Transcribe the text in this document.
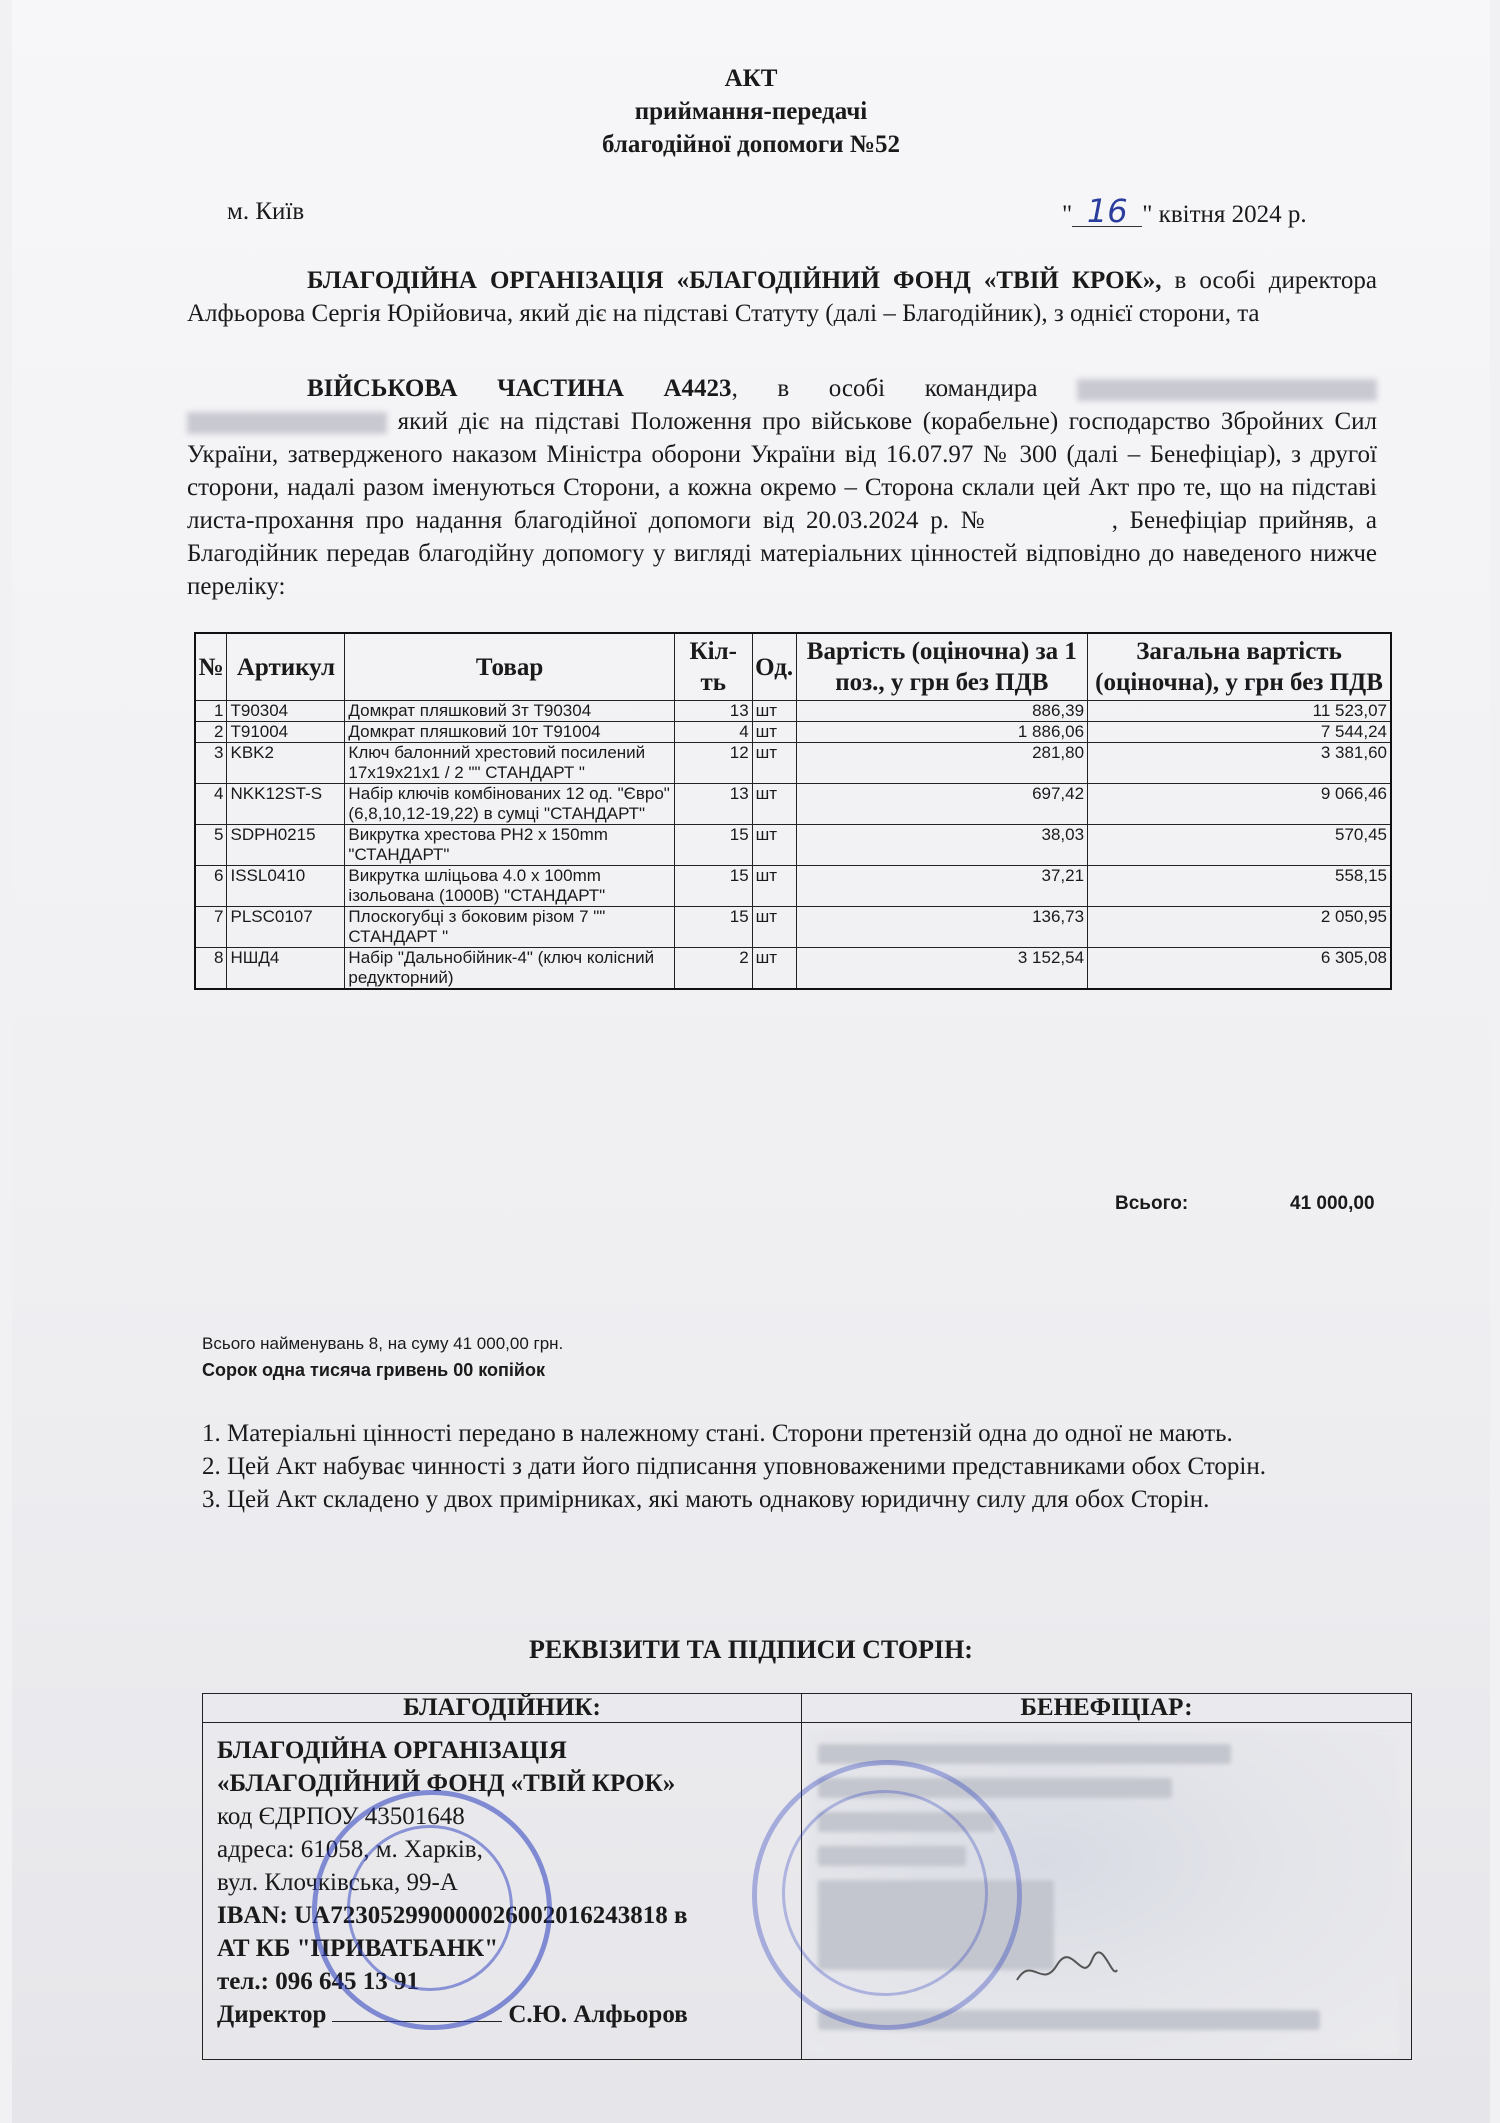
АКТ
приймання-передачі
благодійної допомоги №52
м. Київ	" 16 " квітня 2024 р.
БЛАГОДІЙНА ОРГАНІЗАЦІЯ «БЛАГОДІЙНИЙ ФОНД «ТВІЙ КРОК», в особі директора Алфьорова Сергія Юрійовича, який діє на підставі Статуту (далі – Благодійник), з однієї сторони, та
ВІЙСЬКОВА ЧАСТИНА А4423, в особі командира   який діє на підставі Положення про військове (корабельне) господарство Збройних Сил України, затвердженого наказом Міністра оборони України від 16.07.97 № 300 (далі – Бенефіціар), з другої сторони, надалі разом іменуються Сторони, а кожна окремо – Сторона склали цей Акт про те, що на підставі листа-прохання про надання благодійної допомоги від 20.03.2024 р. №	, Бенефіціар прийняв, а Благодійник передав благодійну допомогу у вигляді матеріальних цінностей відповідно до наведеного нижче переліку:
№	Артикул	Товар	Кіл-ть	Од.	Вартість (оціночна) за 1 поз., у грн без ПДВ	Загальна вартість (оціночна), у грн без ПДВ
1	T90304	Домкрат пляшковий 3т T90304	13	шт	886,39	11 523,07
2	T91004	Домкрат пляшковий 10т T91004	4	шт	1 886,06	7 544,24
3	KBK2	Ключ балонний хрестовий посилений 17x19x21x1 / 2 "" СТАНДАРТ "	12	шт	281,80	3 381,60
4	NKK12ST-S	Набір ключів комбінованих 12 од. "Євро" (6,8,10,12-19,22) в сумці "СТАНДАРТ"	13	шт	697,42	9 066,46
5	SDPH0215	Викрутка хрестова PH2 x 150mm "СТАНДАРТ"	15	шт	38,03	570,45
6	ISSL0410	Викрутка шліцьова 4.0 x 100mm ізольована (1000В) "СТАНДАРТ"	15	шт	37,21	558,15
7	PLSC0107	Плоскогубці з боковим різом 7 "" СТАНДАРТ "	15	шт	136,73	2 050,95
8	НШД4	Набір "Дальнобійник-4" (ключ колісний редукторний)	2	шт	3 152,54	6 305,08
Всього:	41 000,00
Всього найменувань 8, на суму 41 000,00 грн.
Сорок одна тисяча гривень 00 копійок
1. Матеріальні цінності передано в належному стані. Сторони претензій одна до одної не мають.
2. Цей Акт набуває чинності з дати його підписання уповноваженими представниками обох Сторін.
3. Цей Акт складено у двох примірниках, які мають однакову юридичну силу для обох Сторін.
РЕКВІЗИТИ ТА ПІДПИСИ СТОРІН:
БЛАГОДІЙНИК:	БЕНЕФІЦІАР:
БЛАГОДІЙНА ОРГАНІЗАЦІЯ
«БЛАГОДІЙНИЙ ФОНД «ТВІЙ КРОК»
код ЄДРПОУ 43501648
адреса: 61058, м. Харків,
вул. Клочківська, 99-А
IBAN: UA723052990000026002016243818 в
АТ КБ "ПРИВАТБАНК"
тел.: 096 645 13 91
Директор	С.Ю. Алфьоров
